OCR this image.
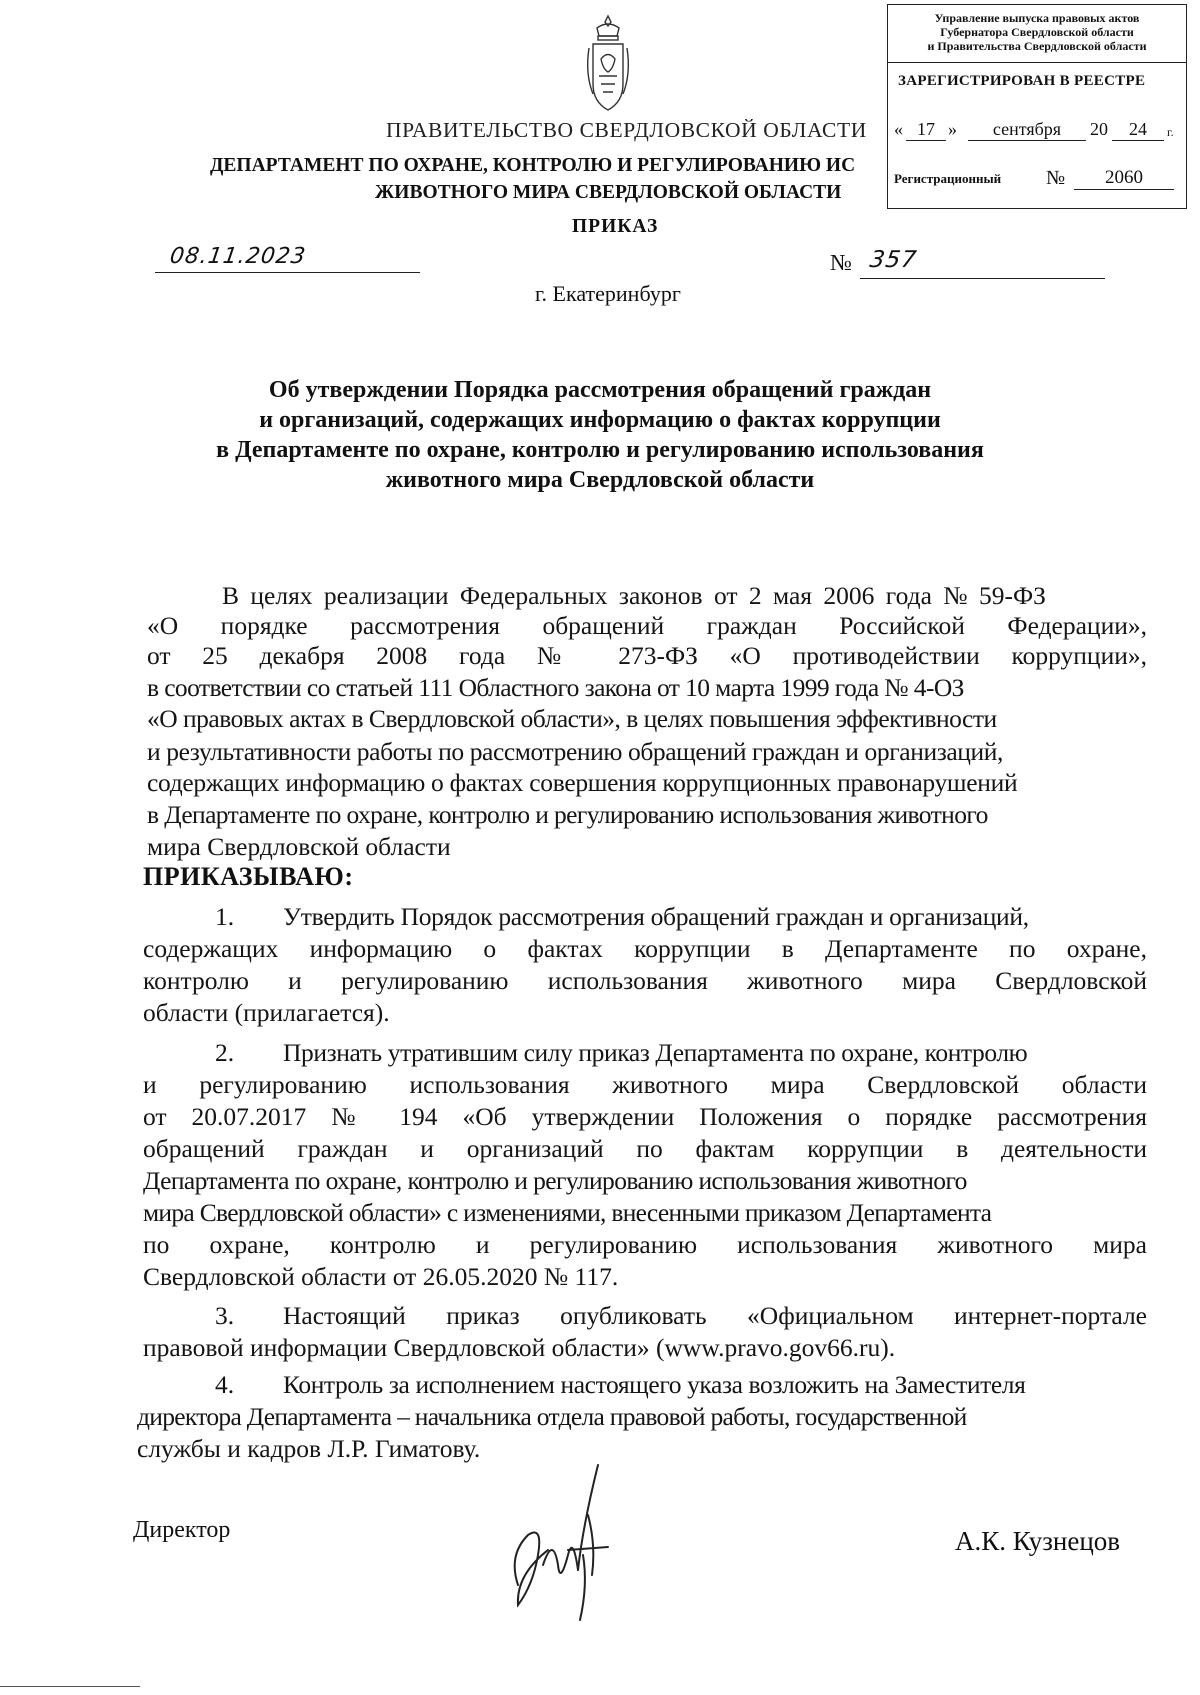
Управление выпуска правовых актов
Губернатора Свердловской области
и Правительства Свердловской области
ЗАРЕГИСТРИРОВАН В РЕЕСТРЕ
« 17 »	сентября	20	24	г.
Регистрационный №	2060
ПРАВИТЕЛЬСТВО СВЕРДЛОВСКОЙ ОБЛАСТИ
ДЕПАРТАМЕНТ ПО ОХРАНЕ, КОНТРОЛЮ И РЕГУЛИРОВАНИЮ ИС
ЖИВОТНОГО МИРА СВЕРДЛОВСКОЙ ОБЛАСТИ
ПРИКАЗ
08.11.2023	№ 357
г. Екатеринбург
Об утверждении Порядка рассмотрения обращений граждан
и организаций, содержащих информацию о фактах коррупции
в Департаменте по охране, контролю и регулированию использования
животного мира Свердловской области
В целях реализации Федеральных законов от 2 мая 2006 года № 59-ФЗ
«О порядке рассмотрения обращений граждан Российской Федерации»,
от 25 декабря 2008 года № 273-ФЗ «О противодействии коррупции»,
в соответствии со статьей 111 Областного закона от 10 марта 1999 года № 4-ОЗ
«О правовых актах в Свердловской области», в целях повышения эффективности
и результативности работы по рассмотрению обращений граждан и организаций,
содержащих информацию о фактах совершения коррупционных правонарушений
в Департаменте по охране, контролю и регулированию использования животного
мира Свердловской области
ПРИКАЗЫВАЮ:
1. Утвердить Порядок рассмотрения обращений граждан и организаций,
содержащих информацию о фактах коррупции в Департаменте по охране,
контролю и регулированию использования животного мира Свердловской
области (прилагается).
2. Признать утратившим силу приказ Департамента по охране, контролю
и регулированию использования животного мира Свердловской области
от 20.07.2017 № 194 «Об утверждении Положения о порядке рассмотрения
обращений граждан и организаций по фактам коррупции в деятельности
Департамента по охране, контролю и регулированию использования животного
мира Свердловской области» с изменениями, внесенными приказом Департамента
по охране, контролю и регулированию использования животного мира
Свердловской области от 26.05.2020 № 117.
3. Настоящий приказ опубликовать «Официальном интернет-портале
правовой информации Свердловской области» (www.pravo.gov66.ru).
4. Контроль за исполнением настоящего указа возложить на Заместителя
директора Департамента – начальника отдела правовой работы, государственной
службы и кадров Л.Р. Гиматову.
Директор	А.К. Кузнецов
